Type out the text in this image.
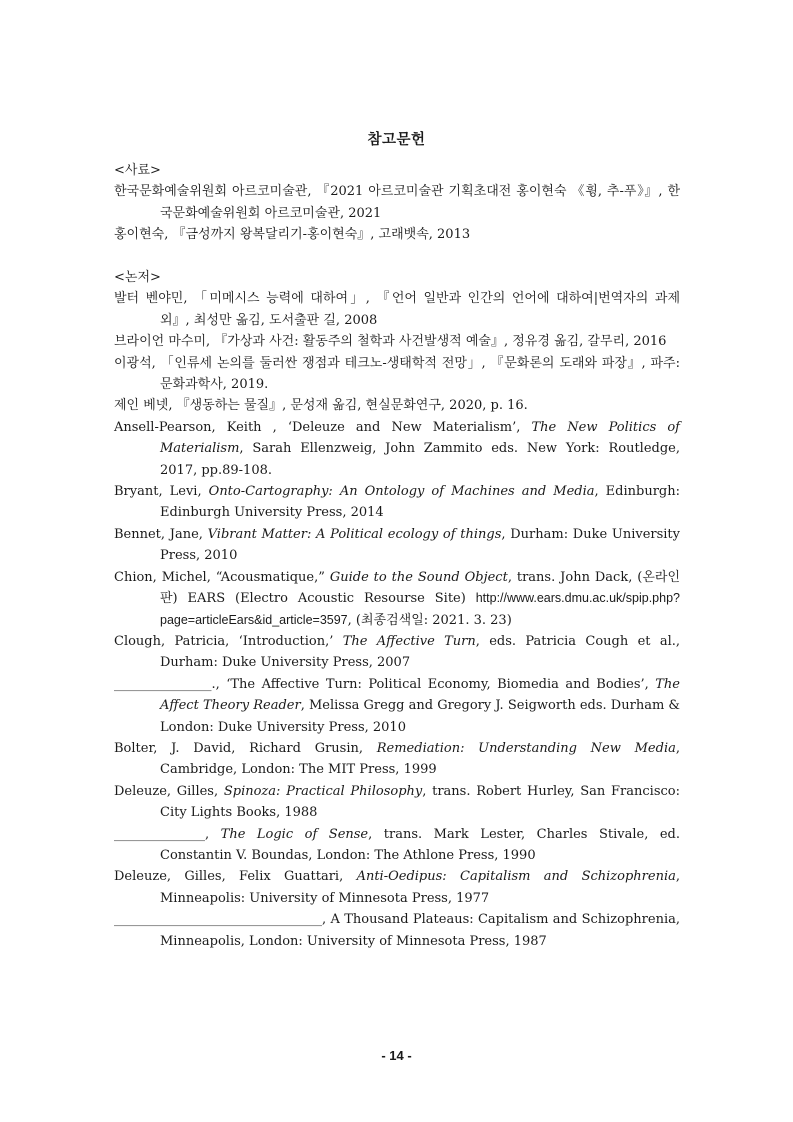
참고문헌

<사료>

한국문화예술위원회 아르코미술관, 『2021 아르코미술관 기획초대전 홍이현숙 《휭, 추-푸》』, 한국문화예술위원회 아르코미술관, 2021

홍이현숙, 『금성까지 왕복달리기-홍이현숙』, 고래뱃속, 2013

<논저>

발터 벤야민, 「미메시스 능력에 대하여」, 『언어 일반과 인간의 언어에 대하여|번역자의 과제 외』, 최성만 옮김, 도서출판 길, 2008

브라이언 마수미, 『가상과 사건: 활동주의 철학과 사건발생적 예술』, 정유경 옮김, 갈무리, 2016

이광석, 「인류세 논의를 둘러싼 쟁점과 테크노-생태학적 전망」, 『문화론의 도래와 파장』, 파주: 문화과학사, 2019.

제인 베넷, 『생동하는 물질』, 문성재 옮김, 현실문화연구, 2020, p. 16.

Ansell-Pearson, Keith , ‘Deleuze and New Materialism’, The New Politics of Materialism, Sarah Ellenzweig, John Zammito eds. New York: Routledge, 2017, pp.89-108.

Bryant, Levi, Onto-Cartography: An Ontology of Machines and Media, Edinburgh: Edinburgh University Press, 2014

Bennet, Jane, Vibrant Matter: A Political ecology of things, Durham: Duke University Press, 2010

Chion, Michel, “Acousmatique,” Guide to the Sound Object, trans. John Dack, (온라인판) EARS (Electro Acoustic Resourse Site) http://www.ears.dmu.ac.uk/spip.php?page=articleEars&id_article=3597, (최종검색일: 2021. 3. 23)

Clough, Patricia, ‘Introduction,’ The Affective Turn, eds. Patricia Cough et al., Durham: Duke University Press, 2007

_______________., ‘The Affective Turn: Political Economy, Biomedia and Bodies’, The Affect Theory Reader, Melissa Gregg and Gregory J. Seigworth eds. Durham & London: Duke University Press, 2010

Bolter, J. David, Richard Grusin, Remediation: Understanding New Media, Cambridge, London: The MIT Press, 1999

Deleuze, Gilles, Spinoza: Practical Philosophy, trans. Robert Hurley, San Francisco: City Lights Books, 1988

______________, The Logic of Sense, trans. Mark Lester, Charles Stivale, ed. Constantin V. Boundas, London: The Athlone Press, 1990

Deleuze, Gilles, Felix Guattari, Anti-Oedipus: Capitalism and Schizophrenia, Minneapolis: University of Minnesota Press, 1977

________________________________, A Thousand Plateaus: Capitalism and Schizophrenia, Minneapolis, London: University of Minnesota Press, 1987

- 14 -
